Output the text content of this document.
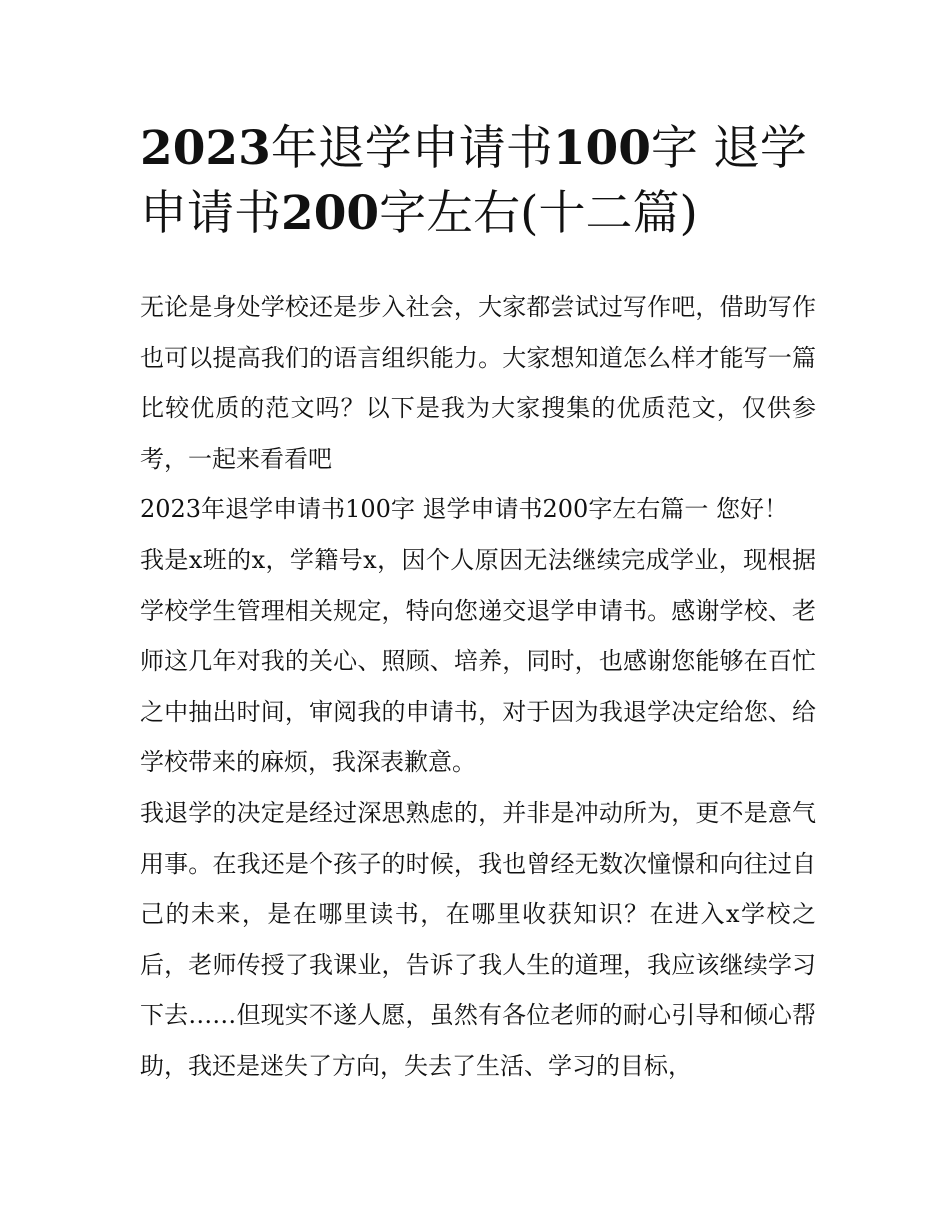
2023年退学申请书100字 退学申请书200字左右(十二篇)

无论是身处学校还是步入社会，大家都尝试过写作吧，借助写作也可以提高我们的语言组织能力。大家想知道怎么样才能写一篇比较优质的范文吗？以下是我为大家搜集的优质范文，仅供参考，一起来看看吧

2023年退学申请书100字 退学申请书200字左右篇一 您好！

我是x班的x，学籍号x，因个人原因无法继续完成学业，现根据学校学生管理相关规定，特向您递交退学申请书。感谢学校、老师这几年对我的关心、照顾、培养，同时，也感谢您能够在百忙之中抽出时间，审阅我的申请书，对于因为我退学决定给您、给学校带来的麻烦，我深表歉意。

我退学的决定是经过深思熟虑的，并非是冲动所为，更不是意气用事。在我还是个孩子的时候，我也曾经无数次憧憬和向往过自己的未来，是在哪里读书，在哪里收获知识？在进入x学校之后，老师传授了我课业，告诉了我人生的道理，我应该继续学习下去……但现实不遂人愿，虽然有各位老师的耐心引导和倾心帮助，我还是迷失了方向，失去了生活、学习的目标，
